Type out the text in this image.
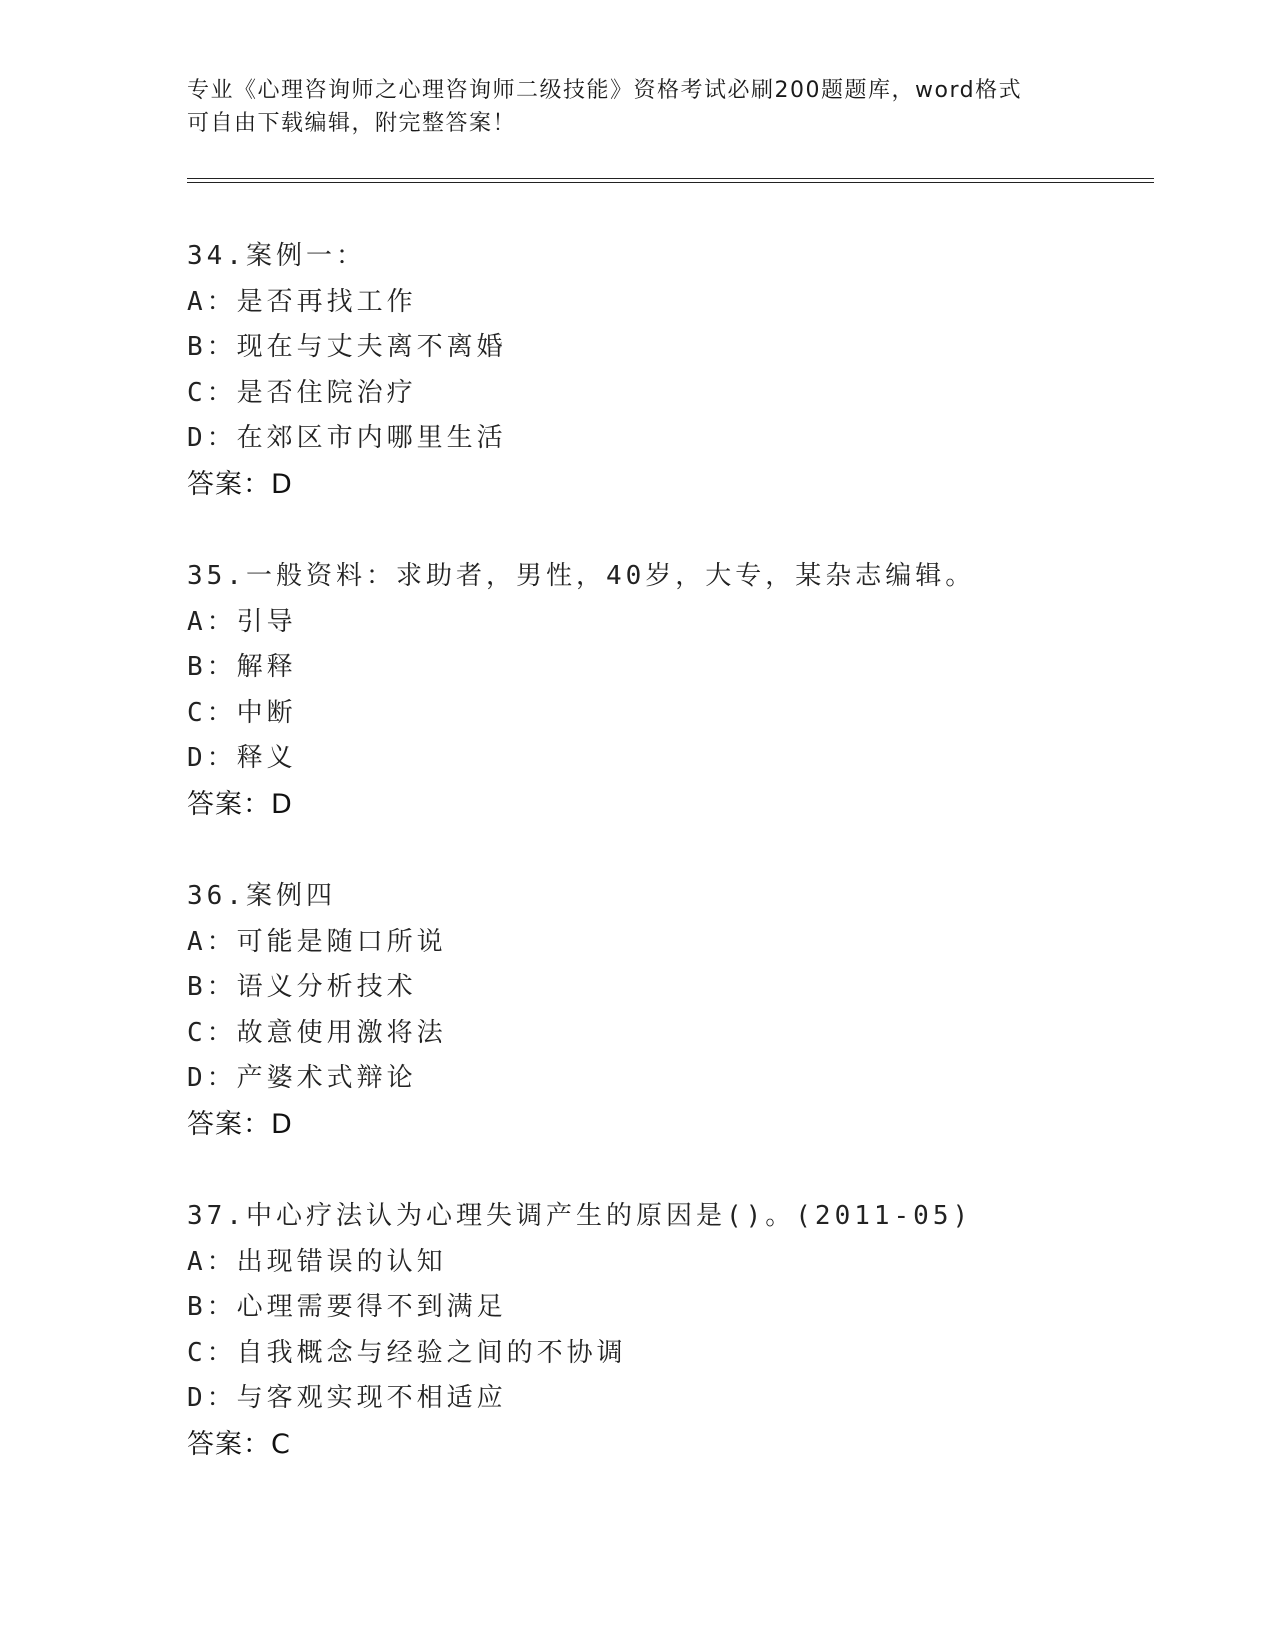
专业《心理咨询师之心理咨询师二级技能》资格考试必刷200题题库，word格式
可自由下载编辑，附完整答案！
34.案例一：
A：是否再找工作
B：现在与丈夫离不离婚
C：是否住院治疗
D：在郊区市内哪里生活
答案：D
35.一般资料：求助者，男性，40岁，大专，某杂志编辑。
A：引导
B：解释
C：中断
D：释义
答案：D
36.案例四
A：可能是随口所说
B：语义分析技术
C：故意使用激将法
D：产婆术式辩论
答案：D
37.中心疗法认为心理失调产生的原因是()。(2011-05)
A：出现错误的认知
B：心理需要得不到满足
C：自我概念与经验之间的不协调
D：与客观实现不相适应
答案：C
